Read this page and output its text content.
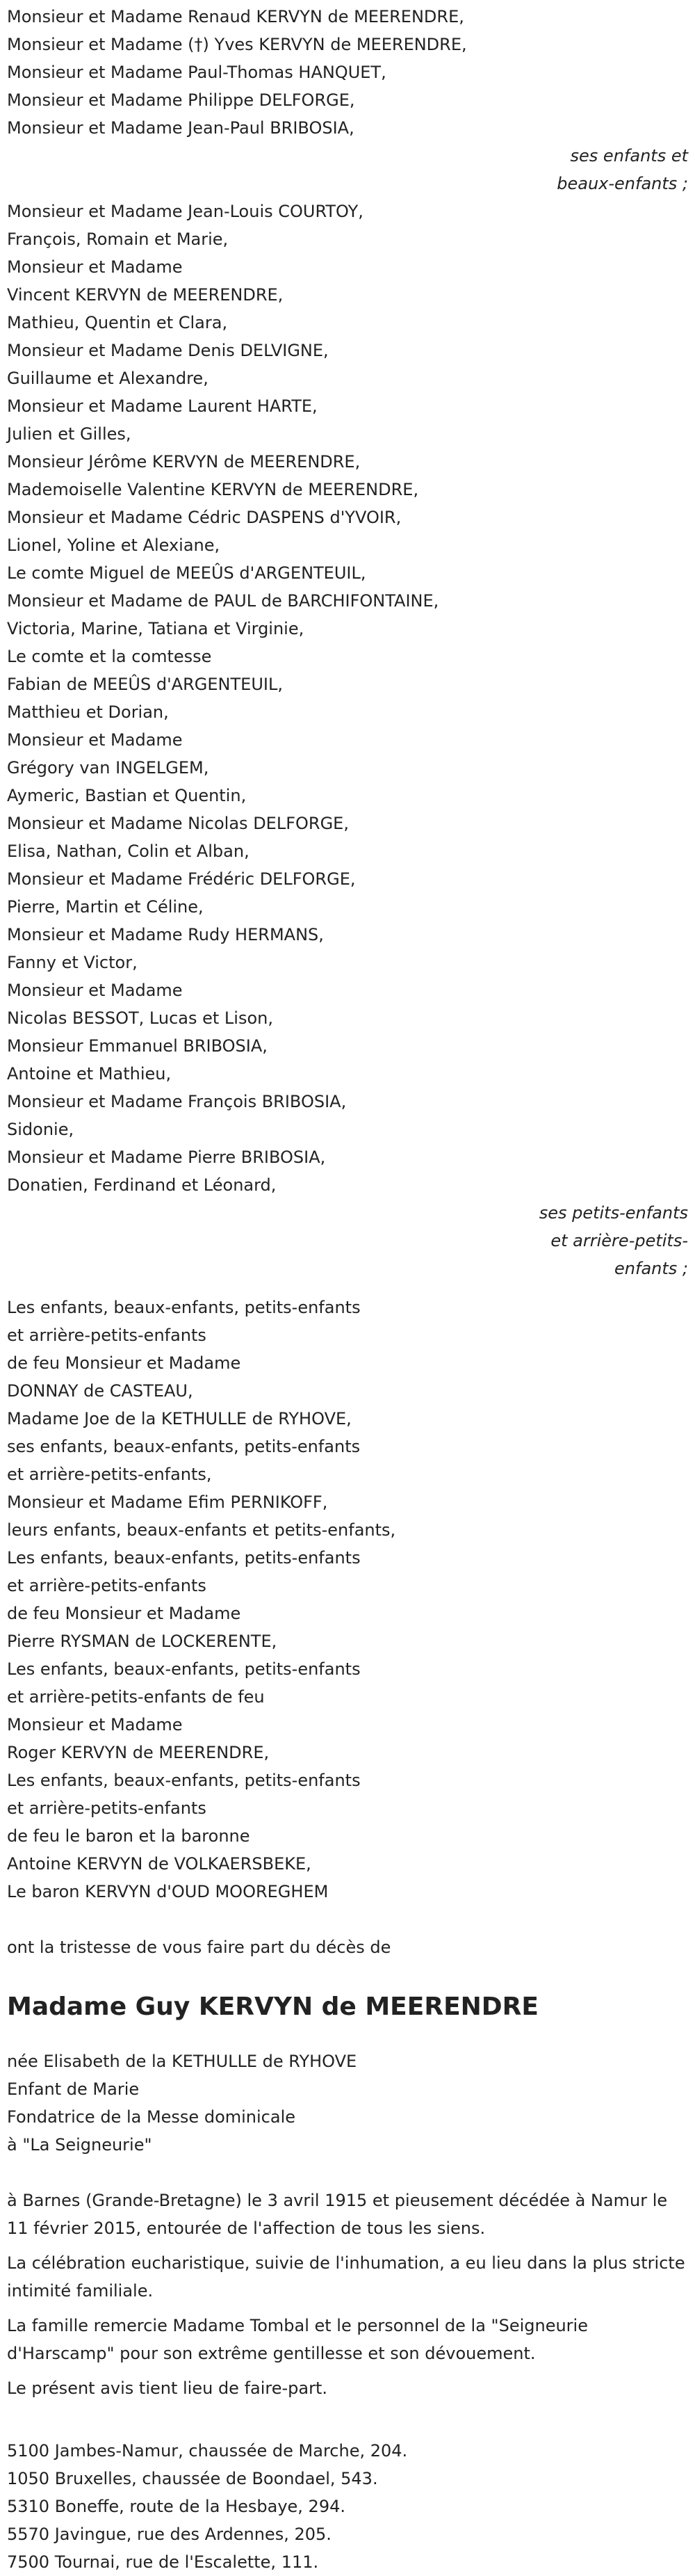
Monsieur et Madame Renaud KERVYN de MEERENDRE,
Monsieur et Madame (†) Yves KERVYN de MEERENDRE,
Monsieur et Madame Paul-Thomas HANQUET,
Monsieur et Madame Philippe DELFORGE,
Monsieur et Madame Jean-Paul BRIBOSIA,
ses enfants et
beaux-enfants ;
Monsieur et Madame Jean-Louis COURTOY,
François, Romain et Marie,
Monsieur et Madame
Vincent KERVYN de MEERENDRE,
Mathieu, Quentin et Clara,
Monsieur et Madame Denis DELVIGNE,
Guillaume et Alexandre,
Monsieur et Madame Laurent HARTE,
Julien et Gilles,
Monsieur Jérôme KERVYN de MEERENDRE,
Mademoiselle Valentine KERVYN de MEERENDRE,
Monsieur et Madame Cédric DASPENS d'YVOIR,
Lionel, Yoline et Alexiane,
Le comte Miguel de MEEÛS d'ARGENTEUIL,
Monsieur et Madame de PAUL de BARCHIFONTAINE,
Victoria, Marine, Tatiana et Virginie,
Le comte et la comtesse
Fabian de MEEÛS d'ARGENTEUIL,
Matthieu et Dorian,
Monsieur et Madame
Grégory van INGELGEM,
Aymeric, Bastian et Quentin,
Monsieur et Madame Nicolas DELFORGE,
Elisa, Nathan, Colin et Alban,
Monsieur et Madame Frédéric DELFORGE,
Pierre, Martin et Céline,
Monsieur et Madame Rudy HERMANS,
Fanny et Victor,
Monsieur et Madame
Nicolas BESSOT, Lucas et Lison,
Monsieur Emmanuel BRIBOSIA,
Antoine et Mathieu,
Monsieur et Madame François BRIBOSIA,
Sidonie,
Monsieur et Madame Pierre BRIBOSIA,
Donatien, Ferdinand et Léonard,
ses petits-enfants
et arrière-petits-
enfants ;
Les enfants, beaux-enfants, petits-enfants
et arrière-petits-enfants
de feu Monsieur et Madame
DONNAY de CASTEAU,
Madame Joe de la KETHULLE de RYHOVE,
ses enfants, beaux-enfants, petits-enfants
et arrière-petits-enfants,
Monsieur et Madame Efim PERNIKOFF,
leurs enfants, beaux-enfants et petits-enfants,
Les enfants, beaux-enfants, petits-enfants
et arrière-petits-enfants
de feu Monsieur et Madame
Pierre RYSMAN de LOCKERENTE,
Les enfants, beaux-enfants, petits-enfants
et arrière-petits-enfants de feu
Monsieur et Madame
Roger KERVYN de MEERENDRE,
Les enfants, beaux-enfants, petits-enfants
et arrière-petits-enfants
de feu le baron et la baronne
Antoine KERVYN de VOLKAERSBEKE,
Le baron KERVYN d'OUD MOOREGHEM
ont la tristesse de vous faire part du décès de
Madame Guy KERVYN de MEERENDRE
née Elisabeth de la KETHULLE de RYHOVE
Enfant de Marie
Fondatrice de la Messe dominicale
à "La Seigneurie"
à Barnes (Grande-Bretagne) le 3 avril 1915 et pieusement décédée à Namur le 11 février 2015, entourée de l'affection de tous les siens.
La célébration eucharistique, suivie de l'inhumation, a eu lieu dans la plus stricte intimité familiale.
La famille remercie Madame Tombal et le personnel de la "Seigneurie d'Harscamp" pour son extrême gentillesse et son dévouement.
Le présent avis tient lieu de faire-part.
5100 Jambes-Namur, chaussée de Marche, 204.
1050 Bruxelles, chaussée de Boondael, 543.
5310 Boneffe, route de la Hesbaye, 294.
5570 Javingue, rue des Ardennes, 205.
7500 Tournai, rue de l'Escalette, 111.
